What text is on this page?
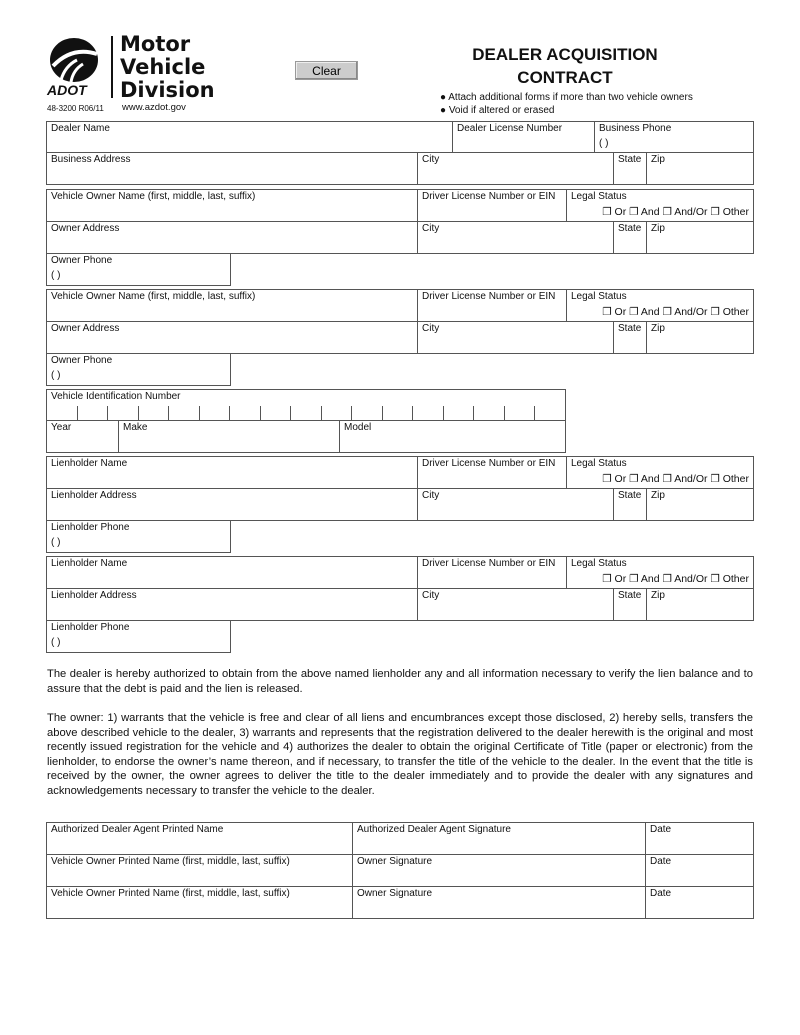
ADOT
Motor
Vehicle
Division
48-3200 R06/11 www.azdot.gov
Clear
DEALER ACQUISITION
CONTRACT
● Attach additional forms if more than two vehicle owners
● Void if altered or erased
Dealer Name	Dealer License Number	Business Phone
( )
Business Address	City	State Zip
Vehicle Owner Name (first, middle, last, suffix)	Driver License Number or EIN	Legal Status
❐ Or ❐ And ❐ And/Or ❐ Other
Owner Address	City	State Zip
Owner Phone
( )
Vehicle Owner Name (first, middle, last, suffix)	Driver License Number or EIN	Legal Status
❐ Or ❐ And ❐ And/Or ❐ Other
Owner Address	City	State Zip
Owner Phone
( )
Vehicle Identification Number
Year	Make	Model
Lienholder Name	Driver License Number or EIN	Legal Status
❐ Or ❐ And ❐ And/Or ❐ Other
Lienholder Address	City	State Zip
Lienholder Phone
( )
Lienholder Name	Driver License Number or EIN	Legal Status
❐ Or ❐ And ❐ And/Or ❐ Other
Lienholder Address	City	State Zip
Lienholder Phone
( )
Authorized Dealer Agent Printed Name	Authorized Dealer Agent Signature	Date
Vehicle Owner Printed Name (first, middle, last, suffix)	Owner Signature	Date
Vehicle Owner Printed Name (first, middle, last, suffix)	Owner Signature	Date
The dealer is hereby authorized to obtain from the above named lienholder any and all information necessary to verify the lien balance and to assure that the debt is paid and the lien is released.
The owner: 1) warrants that the vehicle is free and clear of all liens and encumbrances except those disclosed, 2) hereby sells, transfers the above described vehicle to the dealer, 3) warrants and represents that the registration delivered to the dealer herewith is the original and most recently issued registration for the vehicle and 4) authorizes the dealer to obtain the original Certificate of Title (paper or electronic) from the lienholder, to endorse the owner’s name thereon, and if necessary, to transfer the title of the vehicle to the dealer. In the event that the title is received by the owner, the owner agrees to deliver the title to the dealer immediately and to provide the dealer with any signatures and acknowledgements necessary to transfer the vehicle to the dealer.
